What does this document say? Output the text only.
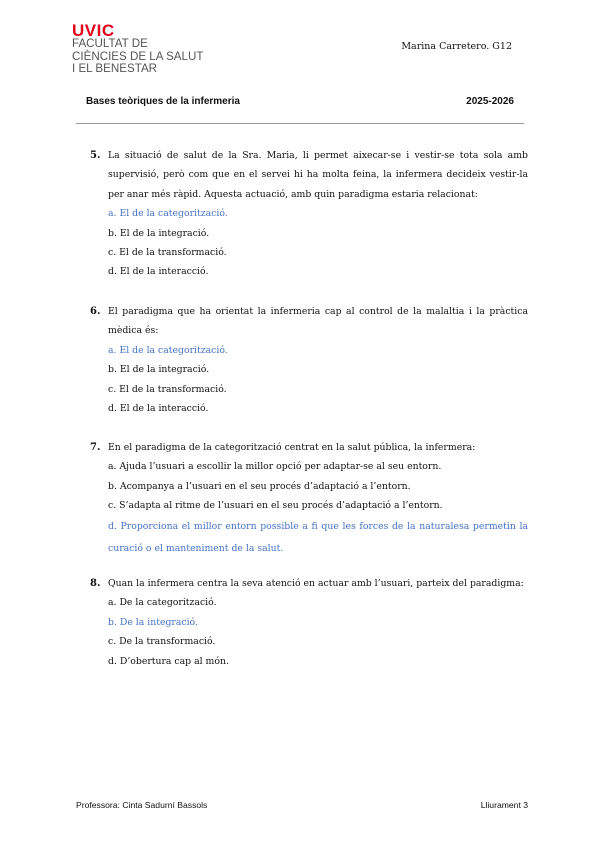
UVIC
FACULTAT DE
CIÈNCIES DE LA SALUT
I EL BENESTAR
Marina Carretero. G12
Bases teòriques de la infermeria	2025-2026
5. La situació de salut de la Sra. Maria, li permet aixecar-se i vestir-se tota sola amb supervisió, però com que en el servei hi ha molta feina, la infermera decideix vestir-la per anar més ràpid. Aquesta actuació, amb quin paradigma estaria relacionat:
a. El de la categorització.
b. El de la integració.
c. El de la transformació.
d. El de la interacció.
6. El paradigma que ha orientat la infermeria cap al control de la malaltia i la pràctica mèdica és:
a. El de la categorització.
b. El de la integració.
c. El de la transformació.
d. El de la interacció.
7. En el paradigma de la categorització centrat en la salut pública, la infermera:
a. Ajuda l’usuari a escollir la millor opció per adaptar-se al seu entorn.
b. Acompanya a l’usuari en el seu procés d’adaptació a l’entorn.
c. S’adapta al ritme de l’usuari en el seu procés d’adaptació a l’entorn.
d. Proporciona el millor entorn possible a fi que les forces de la naturalesa permetin la curació o el manteniment de la salut.
8. Quan la infermera centra la seva atenció en actuar amb l’usuari, parteix del paradigma:
a. De la categorització.
b. De la integració.
c. De la transformació.
d. D’obertura cap al món.
Professora: Cinta Sadurní Bassols	Lliurament 3
